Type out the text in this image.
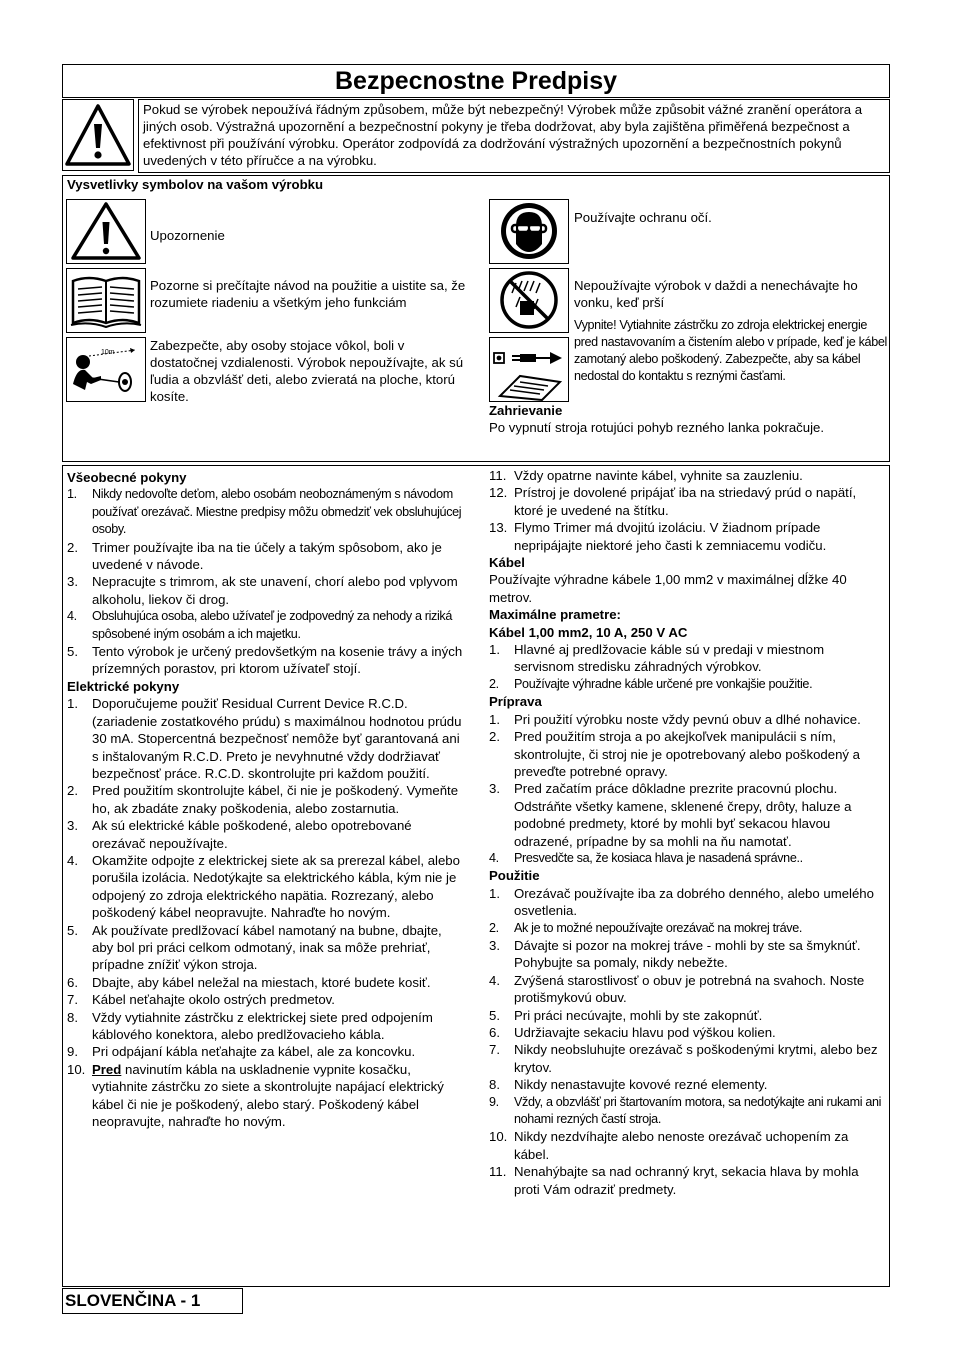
Bezpecnostne Predpisy
Pokud se výrobek nepoužívá řádným způsobem, může být nebezpečný! Výrobek může způsobit vážné zranění operátora a jiných osob. Výstražná upozornění a bezpečnostní pokyny je třeba dodržovat, aby byla zajištěna přiměřená bezpečnost a efektivnost při používání výrobku. Operátor zodpovídá za dodržování výstražných upozornění a bezpečnostních pokynů uvedených v této příručce a na výrobku.
Vysvetlivky symbolov na vašom výrobku
Upozornenie
Pozorne si prečítajte návod na použitie a uistite sa, že rozumiete riadeniu a všetkým jeho funkciám
10m	Zabezpečte, aby osoby stojace vôkol, boli v dostatočnej vzdialenosti. Výrobok nepoužívajte, ak sú ľudia a obzvlášť deti, alebo zvieratá na ploche, ktorú kosíte.
Používajte ochranu očí.
Nepoužívajte výrobok v daždi a nenechávajte ho vonku, keď prší
Vypnite! Vytiahnite zástrčku zo zdroja elektrickej energie pred nastavovaním a čistením alebo v prípade, keď je kábel zamotaný alebo poškodený. Zabezpečte, aby sa kábel nedostal do kontaktu s reznými časťami.
Zahrievanie
Po vypnutí stroja rotujúci pohyb rezného lanka pokračuje.
Všeobecné pokyny
1. Nikdy nedovoľte deťom, alebo osobám neoboznámeným s návodom používať orezávač. Miestne predpisy môžu obmedziť vek obsluhujúcej osoby.
2. Trimer používajte iba na tie účely a takým spôsobom, ako je uvedené v návode.
3. Nepracujte s trimrom, ak ste unavení, chorí alebo pod vplyvom alkoholu, liekov či drog.
4. Obsluhujúca osoba, alebo užívateľ je zodpovedný za nehody a riziká spôsobené iným osobám a ich majetku.
5. Tento výrobok je určený predovšetkým na kosenie trávy a iných prízemných porastov, pri ktorom užívateľ stojí.
Elektrické pokyny
1. Doporučujeme použiť Residual Current Device R.C.D. (zariadenie zostatkového prúdu) s maximálnou hodnotou prúdu 30 mA. Stopercentná bezpečnosť nemôže byť garantovaná ani s inštalovaným R.C.D. Preto je nevyhnutné vždy dodržiavať bezpečnosť práce. R.C.D. skontrolujte pri každom použití.
2. Pred použitím skontrolujte kábel, či nie je poškodený. Vymeňte ho, ak zbadáte znaky poškodenia, alebo zostarnutia.
3. Ak sú elektrické káble poškodené, alebo opotrebované orezávač nepoužívajte.
4. Okamžite odpojte z elektrickej siete ak sa prerezal kábel, alebo porušila izolácia. Nedotýkajte sa elektrického kábla, kým nie je odpojený zo zdroja elektrického napätia. Rozrezaný, alebo poškodený kábel neopravujte. Nahraďte ho novým.
5. Ak používate predlžovací kábel namotaný na bubne, dbajte, aby bol pri práci celkom odmotaný, inak sa môže prehriať, prípadne znížiť výkon stroja.
6. Dbajte, aby kábel neležal na miestach, ktoré budete kosiť.
7. Kábel neťahajte okolo ostrých predmetov.
8. Vždy vytiahnite zástrčku z elektrickej siete pred odpojením káblového konektora, alebo predlžovacieho kábla.
9. Pri odpájaní kábla neťahajte za kábel, ale za koncovku.
10. Pred navinutím kábla na uskladnenie vypnite kosačku, vytiahnite zástrčku zo siete a skontrolujte napájací elektrický kábel či nie je poškodený, alebo starý. Poškodený kábel neopravujte, nahraďte ho novým.
11. Vždy opatrne navinte kábel, vyhnite sa zauzleniu.
12. Prístroj je dovolené pripájať iba na striedavý prúd o napätí, ktoré je uvedené na štítku.
13. Flymo Trimer má dvojitú izoláciu. V žiadnom prípade nepripájajte niektoré jeho časti k zemniacemu vodiču.
Kábel
Používajte výhradne kábele 1,00 mm2 v maximálnej dĺžke 40 metrov.
Maximálne prametre:
Kábel 1,00 mm2, 10 A, 250 V AC
1. Hlavné aj predlžovacie káble sú v predaji v miestnom servisnom stredisku záhradných výrobkov.
2. Používajte výhradne káble určené pre vonkajšie použitie.
Príprava
1. Pri použití výrobku noste vždy pevnú obuv a dlhé nohavice.
2. Pred použitím stroja a po akejkoľvek manipulácii s ním, skontrolujte, či stroj nie je opotrebovaný alebo poškodený a preveďte potrebné opravy.
3. Pred začatím práce dôkladne prezrite pracovnú plochu. Odstráňte všetky kamene, sklenené črepy, drôty, haluze a podobné predmety, ktoré by mohli byť sekacou hlavou odrazené, prípadne by sa mohli na ňu namotať.
4. Presvedčte sa, že kosiaca hlava je nasadená správne..
Použitie
1. Orezávač používajte iba za dobrého denného, alebo umelého osvetlenia.
2. Ak je to možné nepoužívajte orezávač na mokrej tráve.
3. Dávajte si pozor na mokrej tráve - mohli by ste sa šmyknúť. Pohybujte sa pomaly, nikdy nebežte.
4. Zvýšená starostlivosť o obuv je potrebná na svahoch. Noste protišmykovú obuv.
5. Pri práci necúvajte, mohli by ste zakopnúť.
6. Udržiavajte sekaciu hlavu pod výškou kolien.
7. Nikdy neobsluhujte orezávač s poškodenými krytmi, alebo bez krytov.
8. Nikdy nenastavujte kovové rezné elementy.
9. Vždy, a obzvlášť pri štartovaním motora, sa nedotýkajte ani rukami ani nohami rezných častí stroja.
10. Nikdy nezdvíhajte alebo nenoste orezávač uchopením za kábel.
11. Nenahýbajte sa nad ochranný kryt, sekacia hlava by mohla proti Vám odraziť predmety.
SLOVENČINA - 1
